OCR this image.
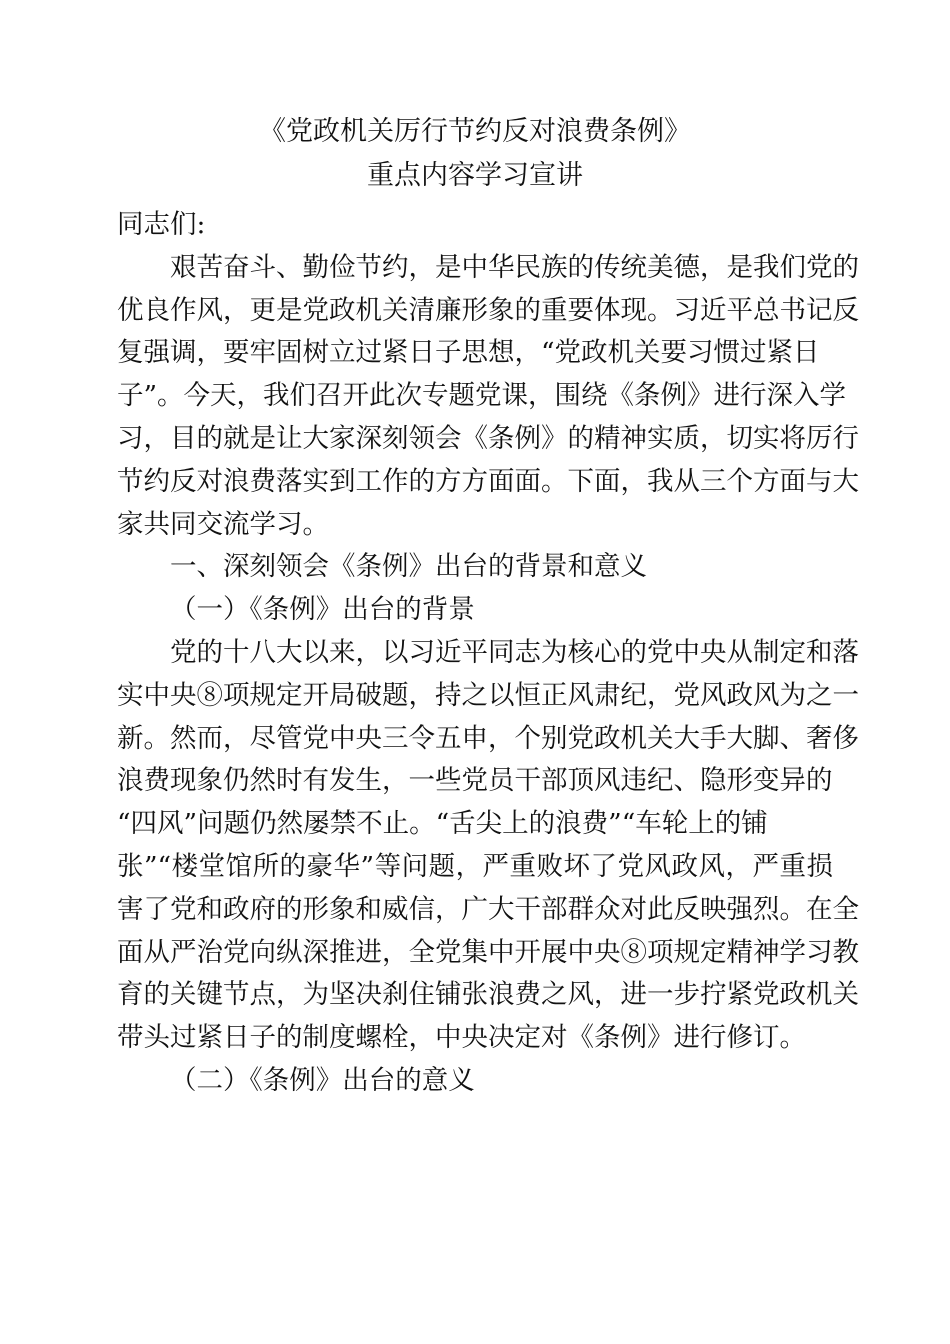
《党政机关厉行节约反对浪费条例》
重点内容学习宣讲
同志们:
艰苦奋斗、勤俭节约，是中华民族的传统美德，是我们党的
优良作风，更是党政机关清廉形象的重要体现。习近平总书记反
复强调，要牢固树立过紧日子思想，“党政机关要习惯过紧日
子”。今天，我们召开此次专题党课，围绕《条例》进行深入学
习，目的就是让大家深刻领会《条例》的精神实质，切实将厉行
节约反对浪费落实到工作的方方面面。下面，我从三个方面与大
家共同交流学习。
一、深刻领会《条例》出台的背景和意义
（一）《条例》出台的背景
党的十八大以来，以习近平同志为核心的党中央从制定和落
实中央⑧项规定开局破题，持之以恒正风肃纪，党风政风为之一
新。然而，尽管党中央三令五申，个别党政机关大手大脚、奢侈
浪费现象仍然时有发生，一些党员干部顶风违纪、隐形变异的
“四风”问题仍然屡禁不止。“舌尖上的浪费”“车轮上的铺
张”“楼堂馆所的豪华”等问题，严重败坏了党风政风，严重损
害了党和政府的形象和威信，广大干部群众对此反映强烈。在全
面从严治党向纵深推进，全党集中开展中央⑧项规定精神学习教
育的关键节点，为坚决刹住铺张浪费之风，进一步拧紧党政机关
带头过紧日子的制度螺栓，中央决定对《条例》进行修订。
（二）《条例》出台的意义
